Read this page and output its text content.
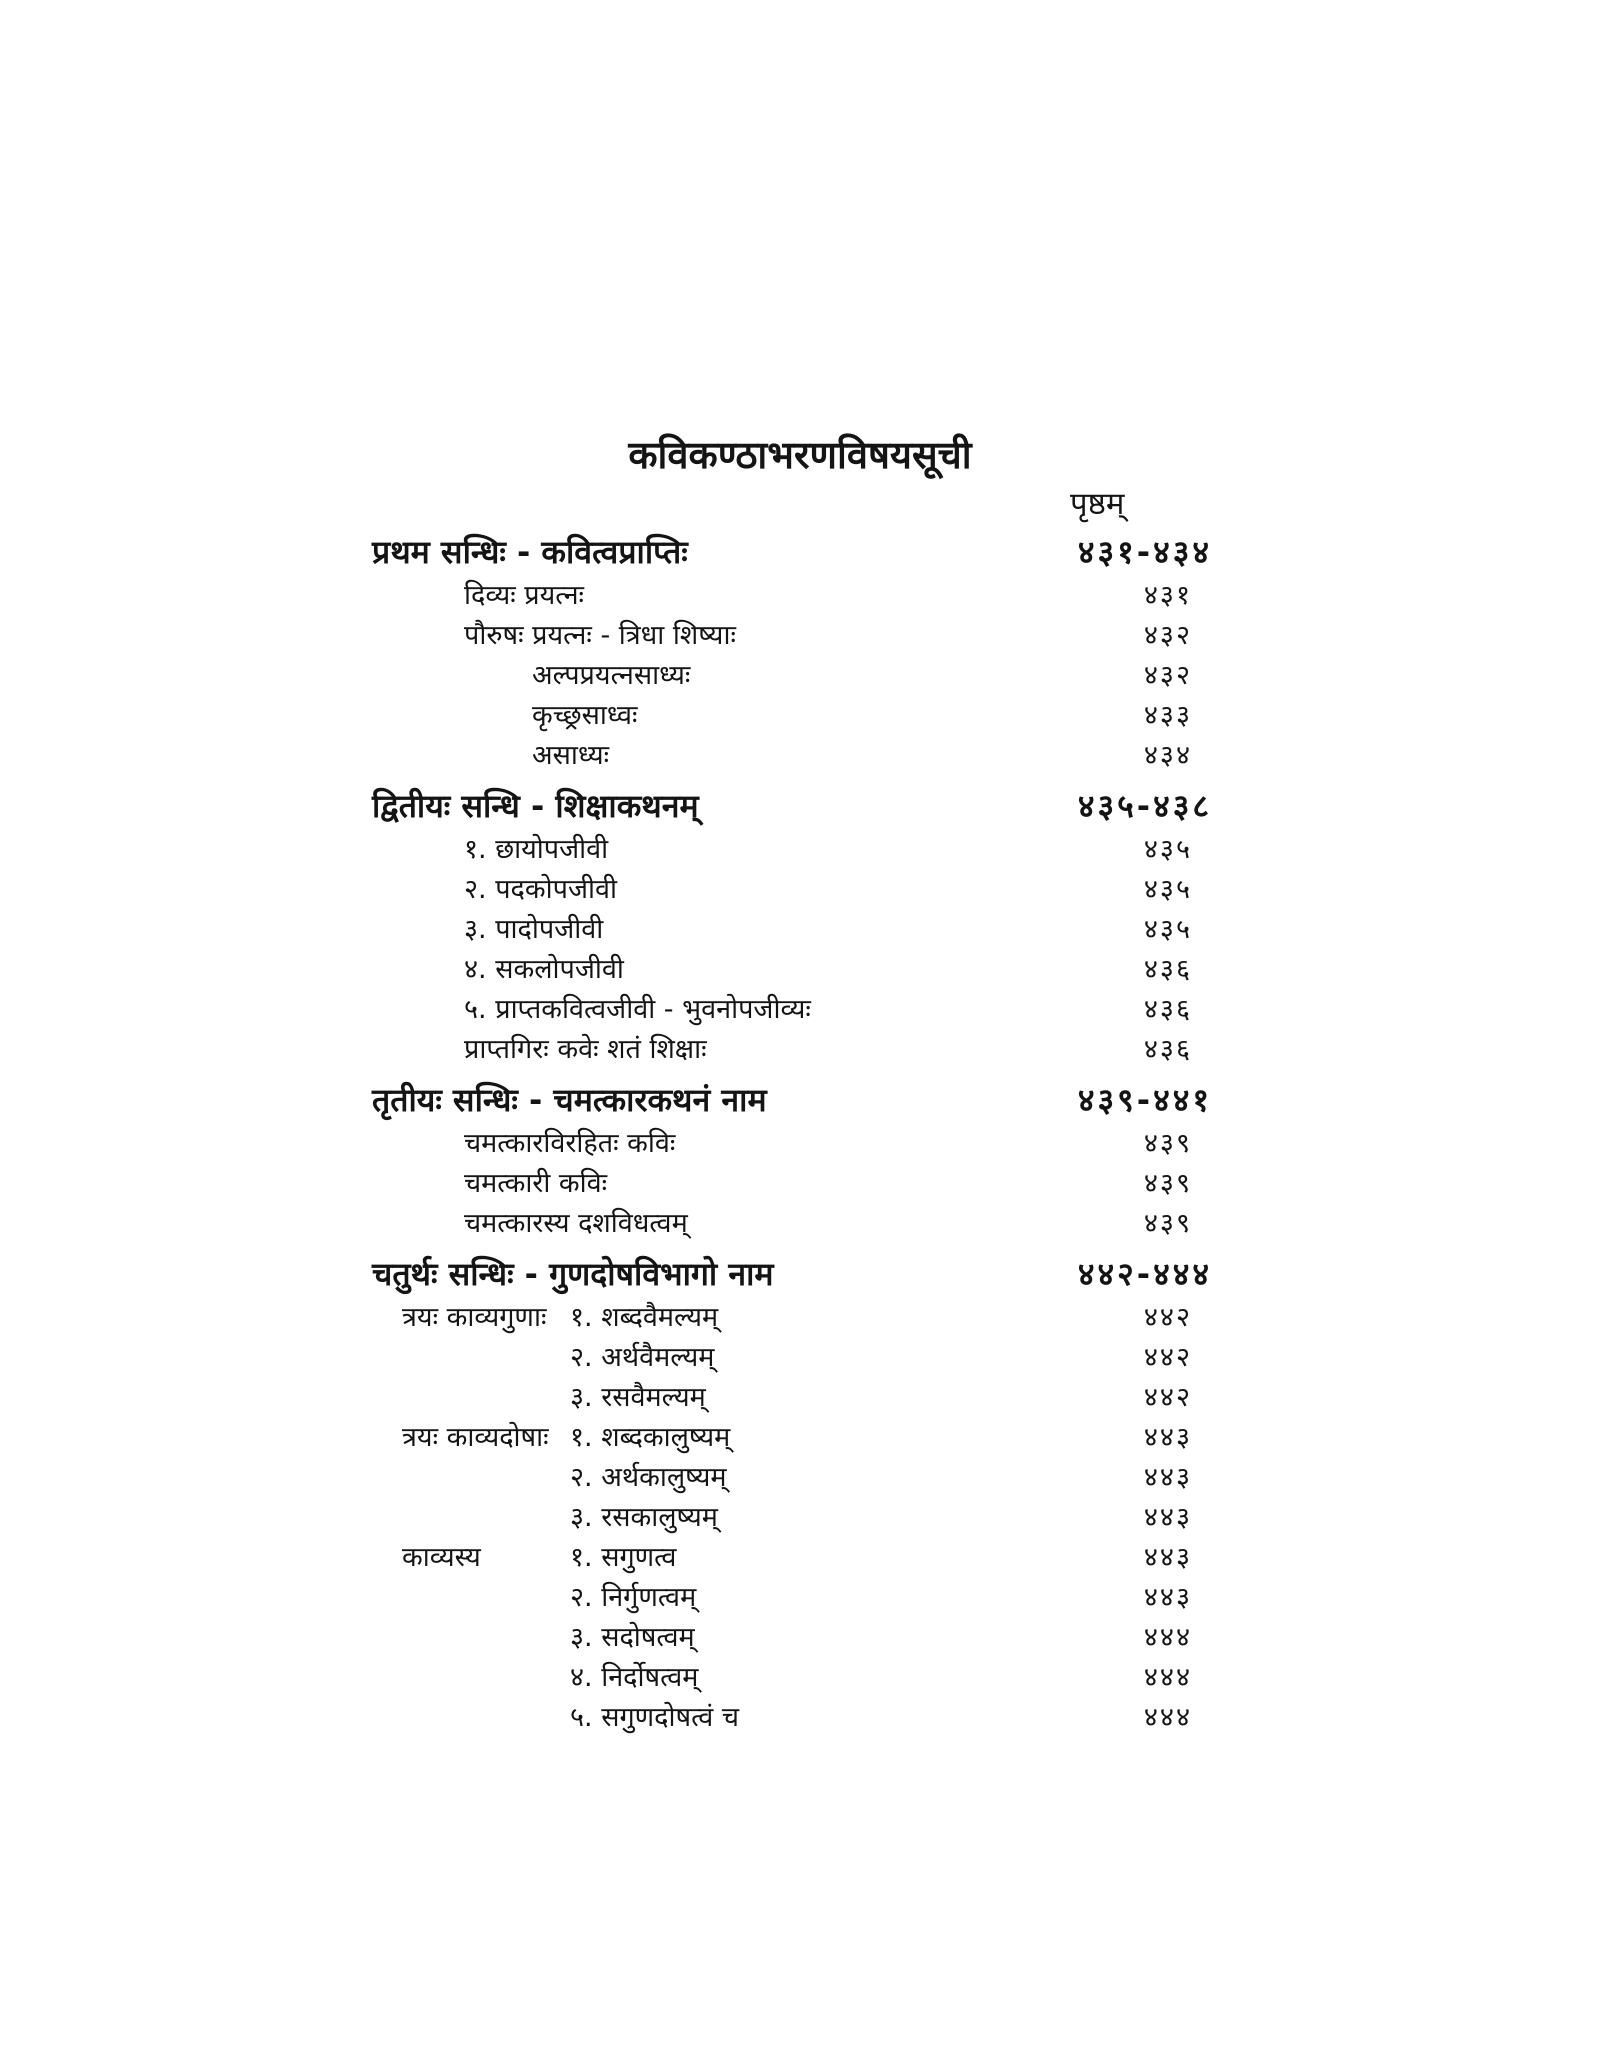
कविकण्ठाभरणविषयसूची
पृष्ठम्
प्रथम सन्धिः - कवित्वप्राप्तिः	४३१-४३४
दिव्यः प्रयत्नः	४३१
पौरुषः प्रयत्नः - त्रिधा शिष्याः	४३२
अल्पप्रयत्नसाध्यः	४३२
कृच्छ्रसाध्वः	४३३
असाध्यः	४३४
द्वितीयः सन्धि - शिक्षाकथनम्	४३५-४३८
१. छायोपजीवी	४३५
२. पदकोपजीवी	४३५
३. पादोपजीवी	४३५
४. सकलोपजीवी	४३६
५. प्राप्तकवित्वजीवी - भुवनोपजीव्यः	४३६
प्राप्तगिरः कवेः शतं शिक्षाः	४३६
तृतीयः सन्धिः - चमत्कारकथनं नाम	४३९-४४१
चमत्कारविरहितः कविः	४३९
चमत्कारी कविः	४३९
चमत्कारस्य दशविधत्वम्	४३९
चतुर्थः सन्धिः - गुणदोषविभागो नाम	४४२-४४४
त्रयः काव्यगुणाः १. शब्दवैमल्यम्	४४२
२. अर्थवैमल्यम्	४४२
३. रसवैमल्यम्	४४२
त्रयः काव्यदोषाः १. शब्दकालुष्यम्	४४३
२. अर्थकालुष्यम्	४४३
३. रसकालुष्यम्	४४३
काव्यस्य	१. सगुणत्व	४४३
२. निर्गुणत्वम्	४४३
३. सदोषत्वम्	४४४
४. निर्दोषत्वम्	४४४
५. सगुणदोषत्वं च	४४४
